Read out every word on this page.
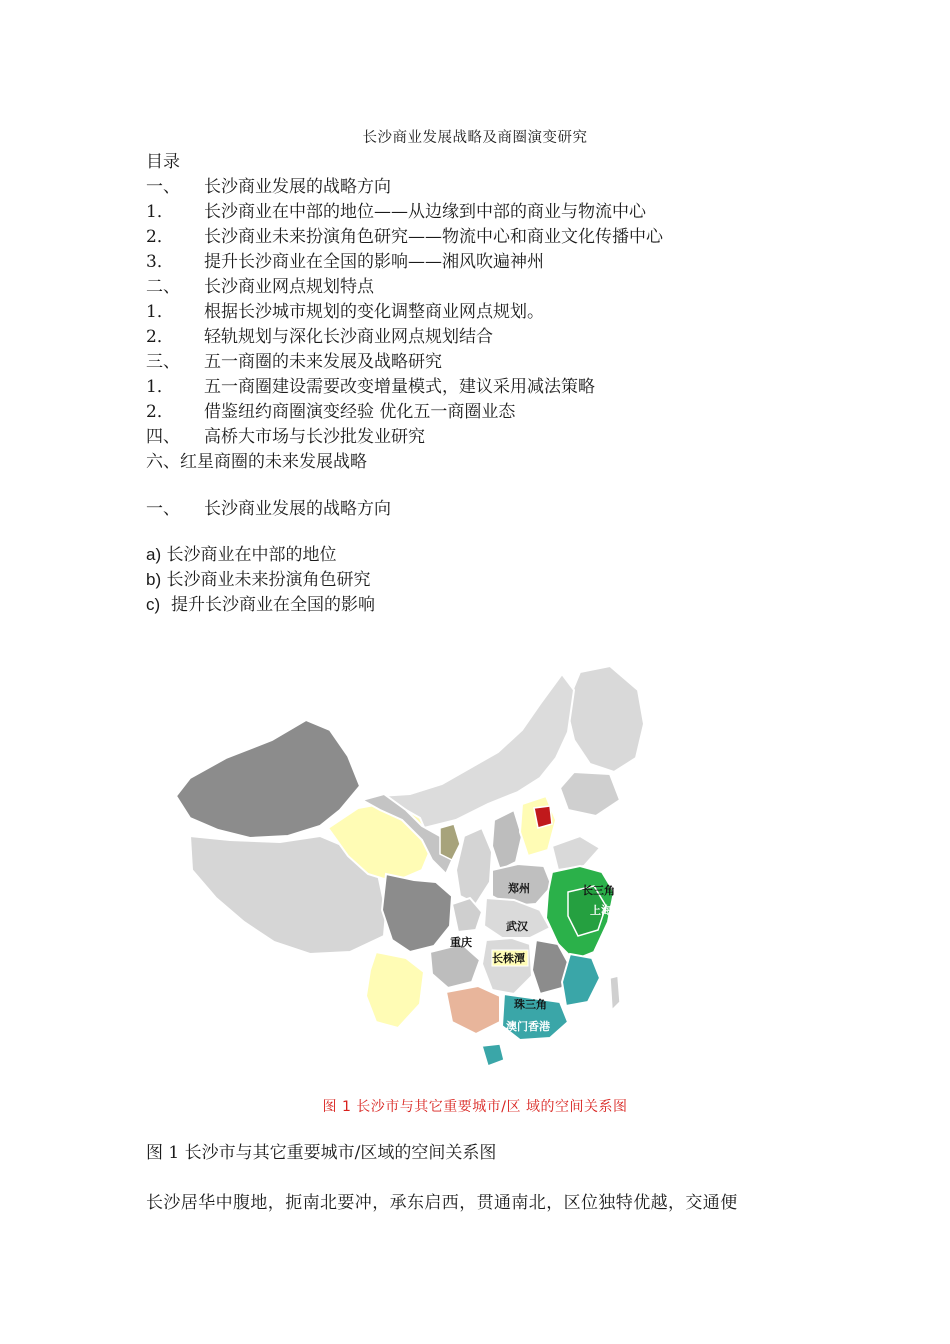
长沙商业发展战略及商圈演变研究
目录
一、 长沙商业发展的战略方向
1． 长沙商业在中部的地位——从边缘到中部的商业与物流中心
2． 长沙商业未来扮演角色研究——物流中心和商业文化传播中心
3． 提升长沙商业在全国的影响——湘风吹遍神州
二、 长沙商业网点规划特点
1． 根据长沙城市规划的变化调整商业网点规划。
2． 轻轨规划与深化长沙商业网点规划结合
三、 五一商圈的未来发展及战略研究
1． 五一商圈建设需要改变增量模式，建议采用减法策略
2． 借鉴纽约商圈演变经验 优化五一商圈业态
四、 高桥大市场与长沙批发业研究
六、红星商圈的未来发展战略
一、 长沙商业发展的战略方向
a) 长沙商业在中部的地位
b) 长沙商业未来扮演角色研究
c) 提升长沙商业在全国的影响
郑州	长三角
上海
武汉
重庆
长株潭
珠三角
澳门香港
图 1 长沙市与其它重要城市/区 域的空间关系图
图 1 长沙市与其它重要城市/区域的空间关系图
长沙居华中腹地，扼南北要冲，承东启西，贯通南北，区位独特优越，交通便
